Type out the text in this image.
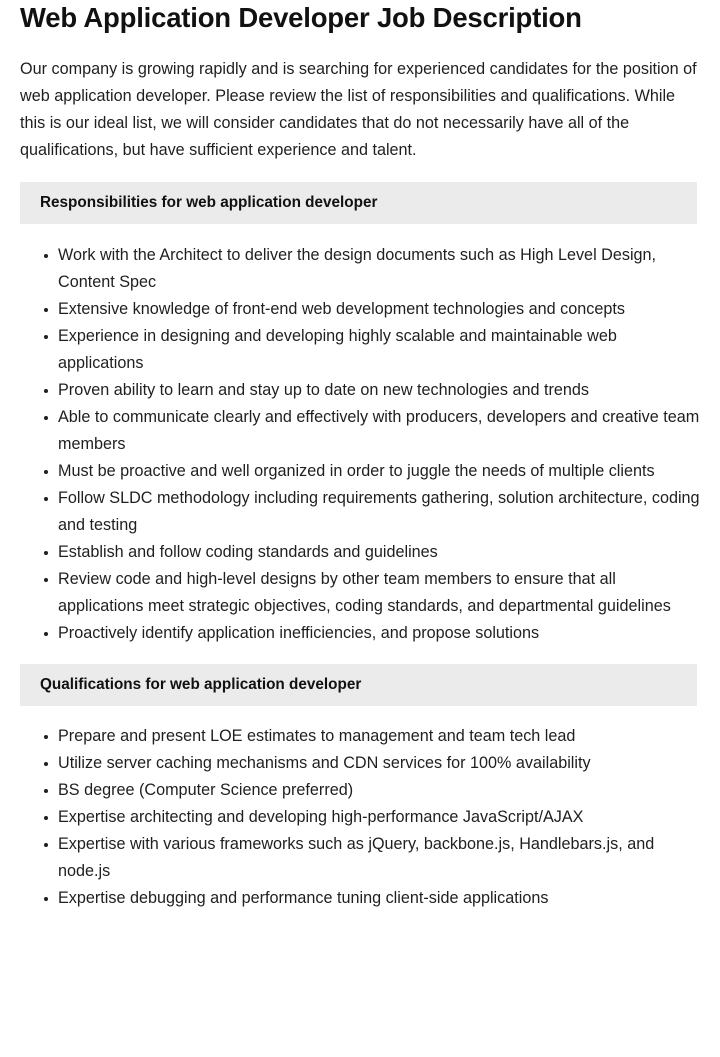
Web Application Developer Job Description

Our company is growing rapidly and is searching for experienced candidates for the position of web application developer. Please review the list of responsibilities and qualifications. While this is our ideal list, we will consider candidates that do not necessarily have all of the qualifications, but have sufficient experience and talent.

Responsibilities for web application developer
Work with the Architect to deliver the design documents such as High Level Design, Content Spec
Extensive knowledge of front-end web development technologies and concepts
Experience in designing and developing highly scalable and maintainable web applications
Proven ability to learn and stay up to date on new technologies and trends
Able to communicate clearly and effectively with producers, developers and creative team members
Must be proactive and well organized in order to juggle the needs of multiple clients
Follow SLDC methodology including requirements gathering, solution architecture, coding and testing
Establish and follow coding standards and guidelines
Review code and high-level designs by other team members to ensure that all applications meet strategic objectives, coding standards, and departmental guidelines
Proactively identify application inefficiencies, and propose solutions
Qualifications for web application developer
Prepare and present LOE estimates to management and team tech lead
Utilize server caching mechanisms and CDN services for 100% availability
BS degree (Computer Science preferred)
Expertise architecting and developing high-performance JavaScript/AJAX
Expertise with various frameworks such as jQuery, backbone.js, Handlebars.js, and node.js
Expertise debugging and performance tuning client-side applications
